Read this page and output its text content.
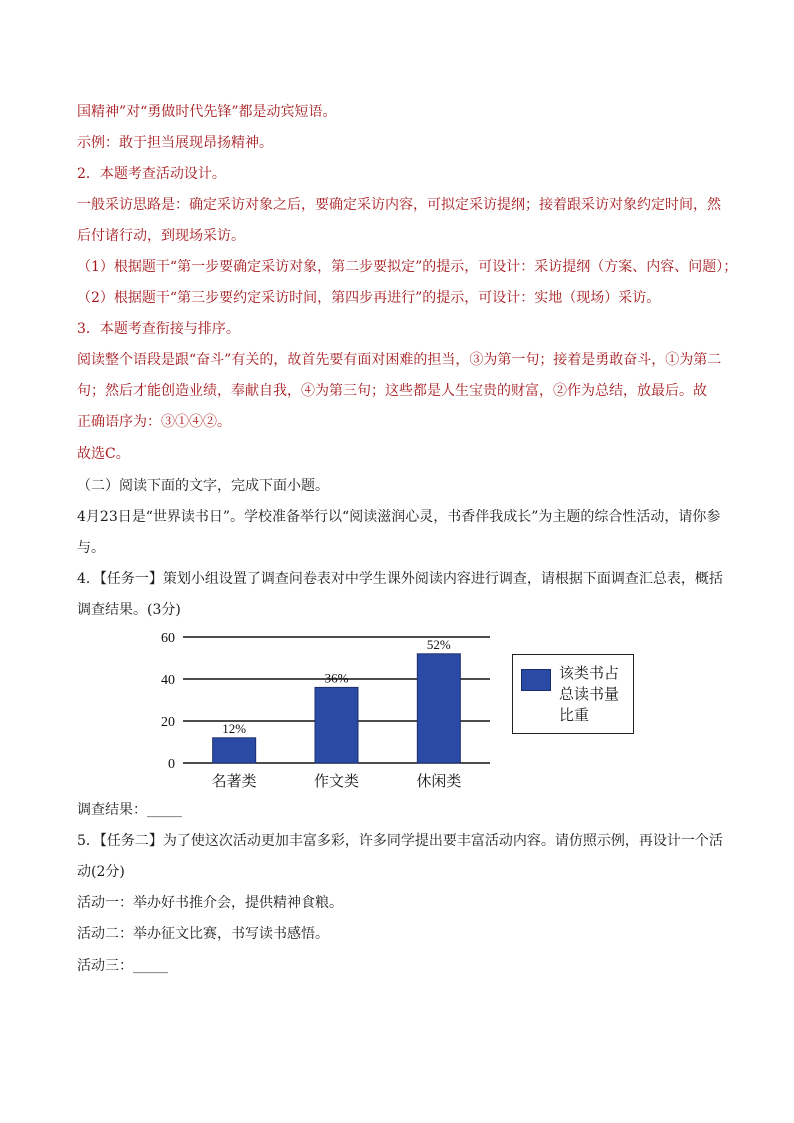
国精神”对“勇做时代先锋”都是动宾短语。
示例：敢于担当展现昂扬精神。
2．本题考查活动设计。
一般采访思路是：确定采访对象之后，要确定采访内容，可拟定采访提纲；接着跟采访对象约定时间，然
后付诸行动，到现场采访。
（1）根据题干“第一步要确定采访对象，第二步要拟定”的提示，可设计：采访提纲（方案、内容、问题）；
（2）根据题干“第三步要约定采访时间，第四步再进行”的提示，可设计：实地（现场）采访。
3．本题考查衔接与排序。
阅读整个语段是跟“奋斗”有关的，故首先要有面对困难的担当，③为第一句；接着是勇敢奋斗，①为第二
句；然后才能创造业绩，奉献自我，④为第三句；这些都是人生宝贵的财富，②作为总结，放最后。故
正确语序为：③①④②。
故选C。
（二）阅读下面的文字，完成下面小题。
4月23日是“世界读书日”。学校准备举行以“阅读滋润心灵，书香伴我成长”为主题的综合性活动，请你参
与。
4．【任务一】策划小组设置了调查问卷表对中学生课外阅读内容进行调查，请根据下面调查汇总表，概括
调查结果。(3分)
调查结果：_____
5．【任务二】为了使这次活动更加丰富多彩，许多同学提出要丰富活动内容。请仿照示例，再设计一个活
动(2分)
活动一：举办好书推介会，提供精神食粮。
活动二：举办征文比赛，书写读书感悟。
活动三：_____
0
20
40
60
12%
名著类
36%
作文类
52%
休闲类
该类书占总读书量比重
